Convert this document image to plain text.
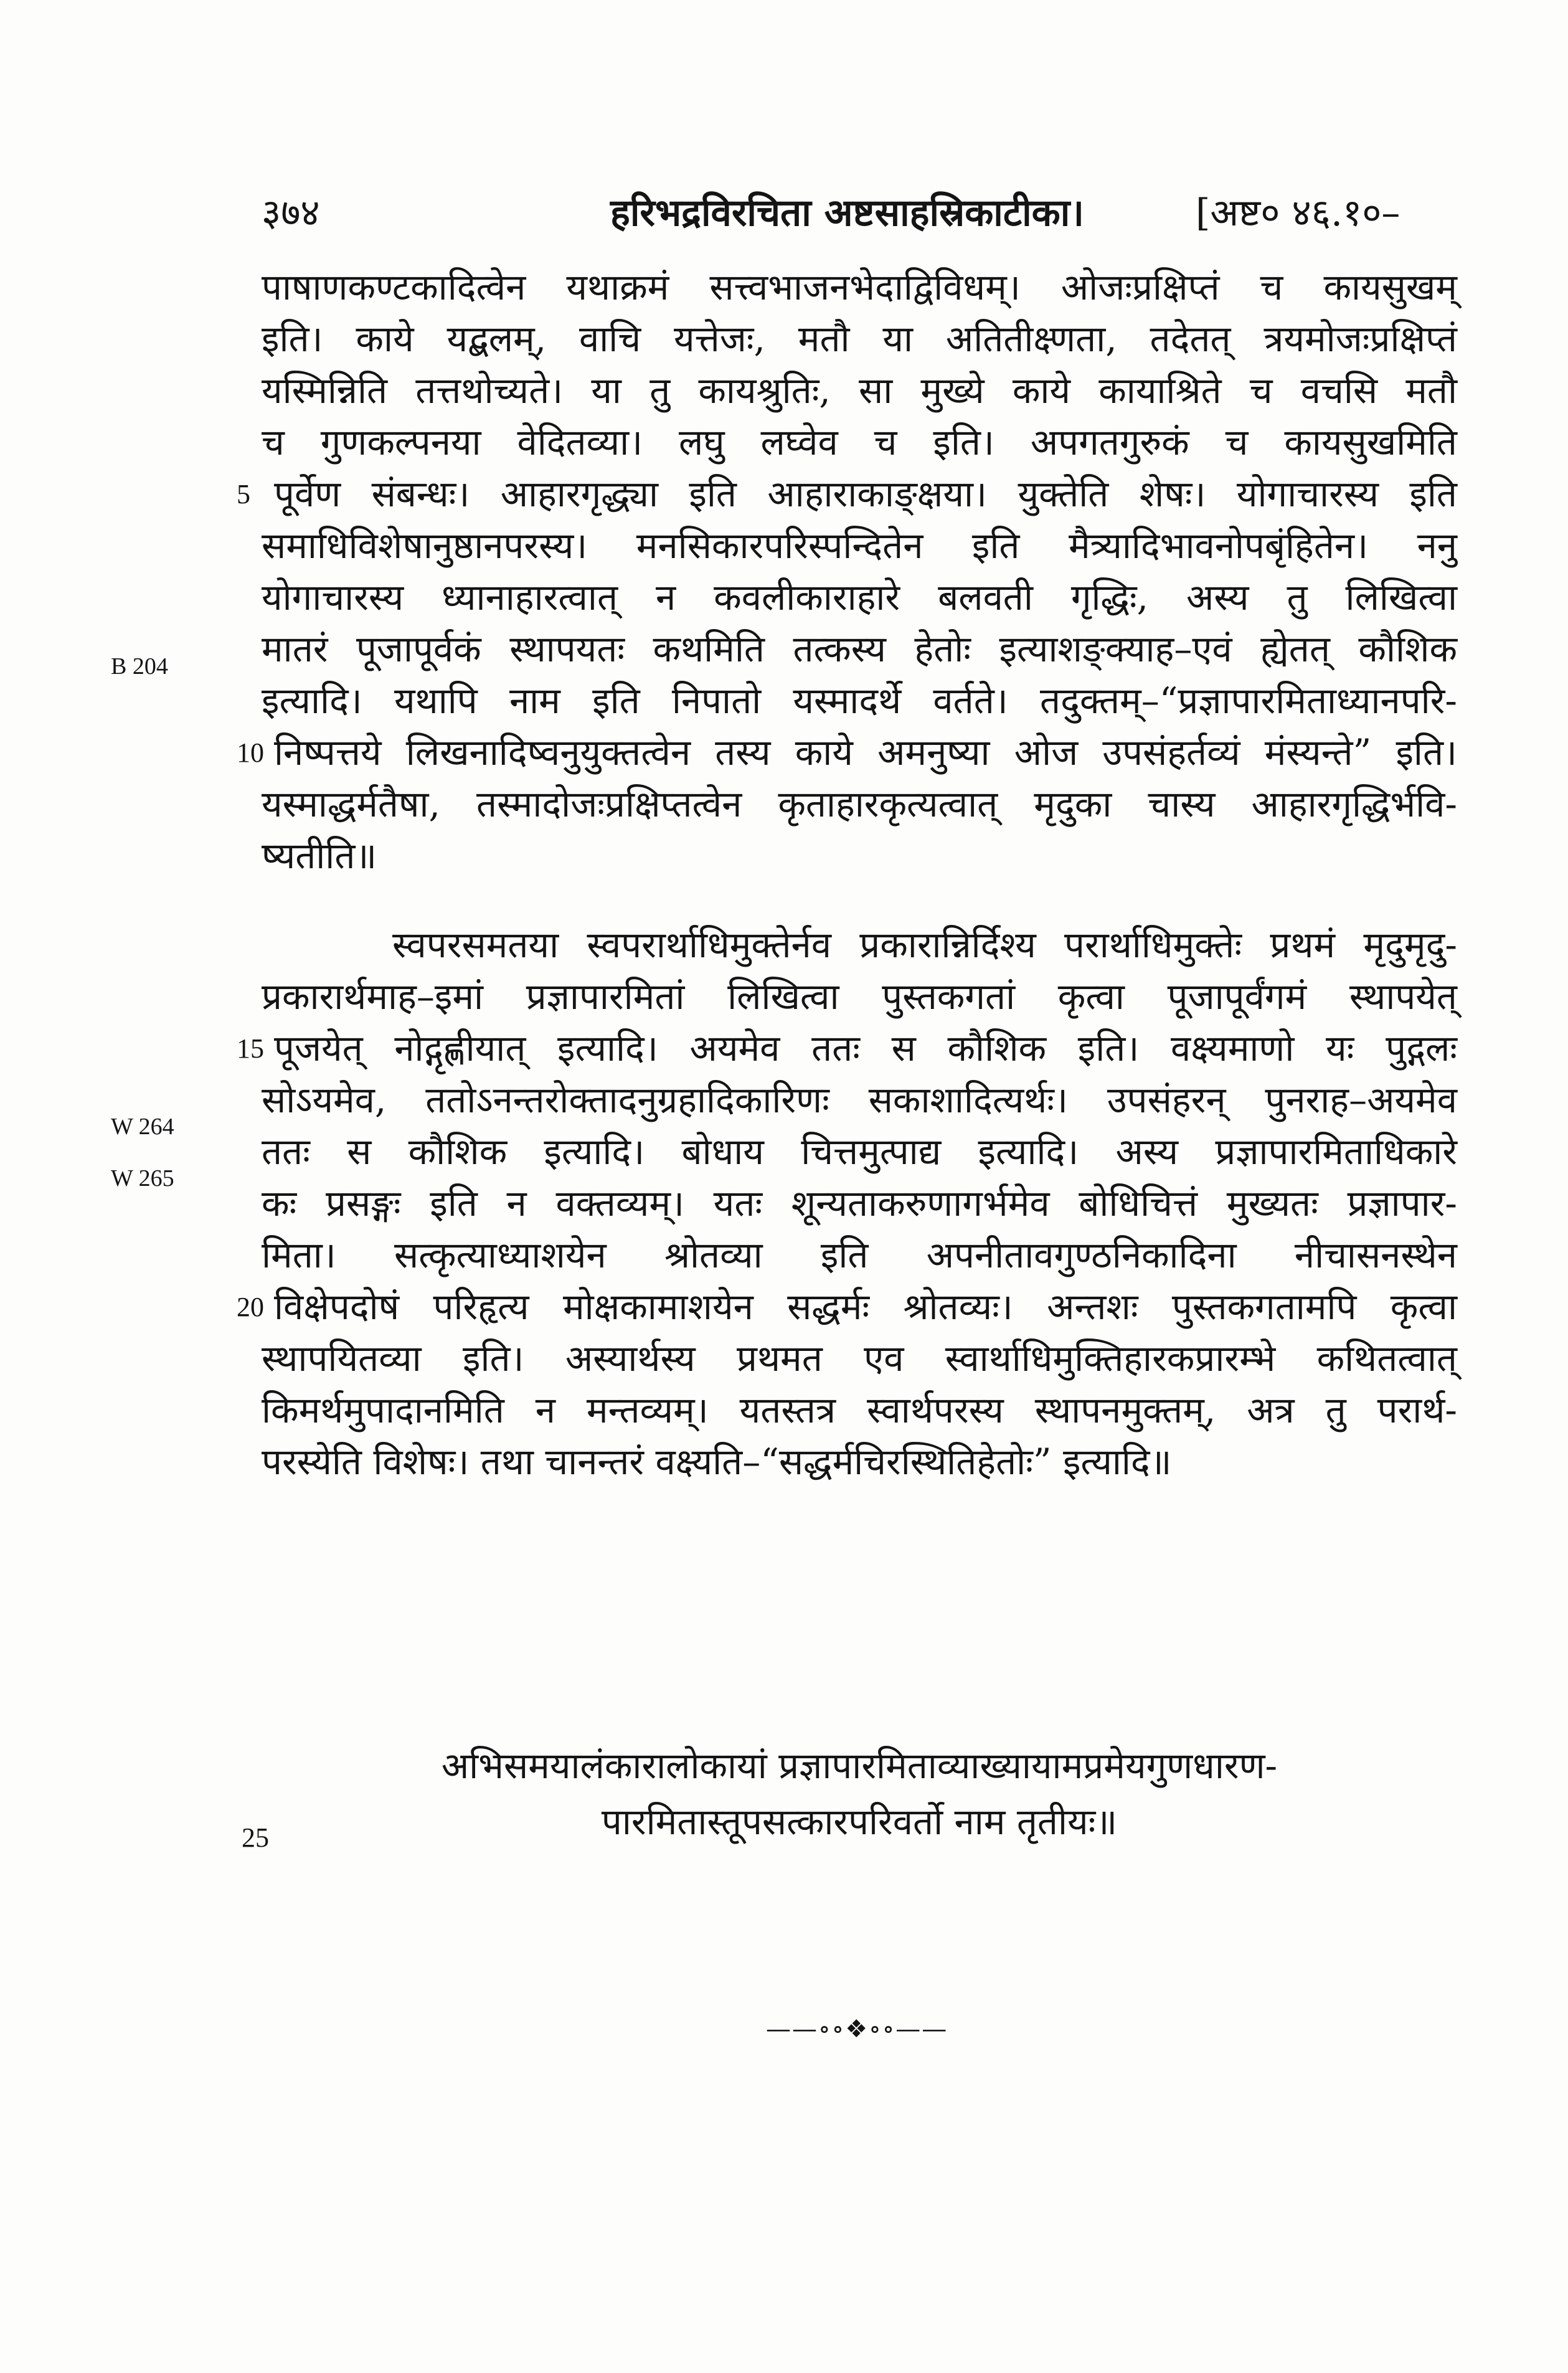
३७४	हरिभद्रविरचिता अष्टसाहस्रिकाटीका।	[अष्ट० ४६.१०–
B 204
W 264
W 265
पाषाणकण्टकादित्वेन यथाक्रमं सत्त्वभाजनभेदाद्विविधम्। ओजःप्रक्षिप्तं च कायसुखम्
इति। काये यद्बलम्, वाचि यत्तेजः, मतौ या अतितीक्ष्णता, तदेतत् त्रयमोजःप्रक्षिप्तं
यस्मिन्निति तत्तथोच्यते। या तु कायश्रुतिः, सा मुख्ये काये कायाश्रिते च वचसि मतौ
च गुणकल्पनया वेदितव्या। लघु लघ्वेव च इति। अपगतगुरुकं च कायसुखमिति
5 पूर्वेण संबन्धः। आहारगृद्ध्या इति आहाराकाङ्क्षया। युक्तेति शेषः। योगाचारस्य इति
समाधिविशेषानुष्ठानपरस्य। मनसिकारपरिस्पन्दितेन इति मैत्र्यादिभावनोपबृंहितेन। ननु
योगाचारस्य ध्यानाहारत्वात् न कवलीकाराहारे बलवती गृद्धिः, अस्य तु लिखित्वा
मातरं पूजापूर्वकं स्थापयतः कथमिति तत्कस्य हेतोः इत्याशङ्क्याह–एवं ह्येतत् कौशिक
इत्यादि। यथापि नाम इति निपातो यस्मादर्थे वर्तते। तदुक्तम्–“प्रज्ञापारमिताध्यानपरि-
10 निष्पत्तये लिखनादिष्वनुयुक्तत्वेन तस्य काये अमनुष्या ओज उपसंहर्तव्यं मंस्यन्ते” इति।
यस्माद्धर्मतैषा, तस्मादोजःप्रक्षिप्तत्वेन कृताहारकृत्यत्वात् मृदुका चास्य आहारगृद्धिर्भवि-
ष्यतीति॥
स्वपरसमतया स्वपरार्थाधिमुक्तेर्नव प्रकारान्निर्दिश्य परार्थाधिमुक्तेः प्रथमं मृदुमृदु-
प्रकारार्थमाह–इमां प्रज्ञापारमितां लिखित्वा पुस्तकगतां कृत्वा पूजापूर्वंगमं स्थापयेत्
15 पूजयेत् नोद्गृह्णीयात् इत्यादि। अयमेव ततः स कौशिक इति। वक्ष्यमाणो यः पुद्गलः
सोऽयमेव, ततोऽनन्तरोक्तादनुग्रहादिकारिणः सकाशादित्यर्थः। उपसंहरन् पुनराह–अयमेव
ततः स कौशिक इत्यादि। बोधाय चित्तमुत्पाद्य इत्यादि। अस्य प्रज्ञापारमिताधिकारे
कः प्रसङ्गः इति न वक्तव्यम्। यतः शून्यताकरुणागर्भमेव बोधिचित्तं मुख्यतः प्रज्ञापार-
मिता। सत्कृत्याध्याशयेन श्रोतव्या इति अपनीतावगुण्ठनिकादिना नीचासनस्थेन
20 विक्षेपदोषं परिहृत्य मोक्षकामाशयेन सद्धर्मः श्रोतव्यः। अन्तशः पुस्तकगतामपि कृत्वा
स्थापयितव्या इति। अस्यार्थस्य प्रथमत एव स्वार्थाधिमुक्तिहारकप्रारम्भे कथितत्वात्
किमर्थमुपादानमिति न मन्तव्यम्। यतस्तत्र स्वार्थपरस्य स्थापनमुक्तम्, अत्र तु परार्थ-
परस्येति विशेषः। तथा चानन्तरं वक्ष्यति–“सद्धर्मचिरस्थितिहेतोः” इत्यादि॥
अभिसमयालंकारालोकायां प्रज्ञापारमिताव्याख्यायामप्रमेयगुणधारण-
पारमितास्तूपसत्कारपरिवर्तो नाम तृतीयः॥
25
——∘∘❖∘∘——
